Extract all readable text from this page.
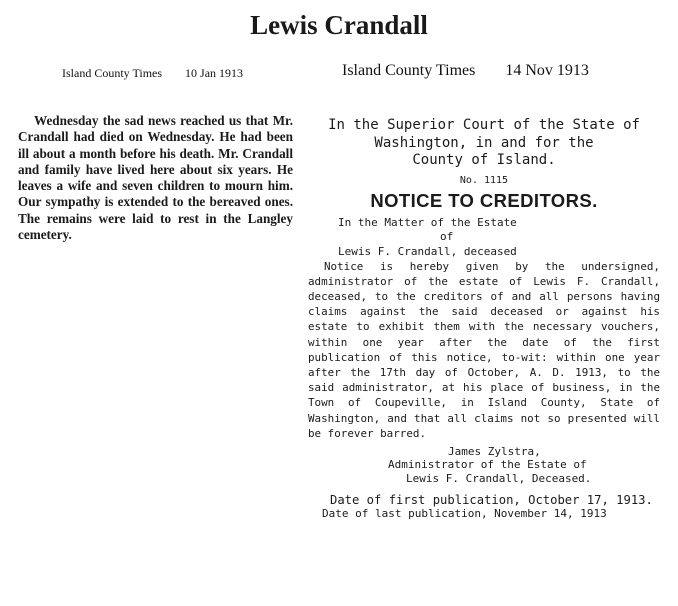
Lewis Crandall
Island County Times 10 Jan 1913	Island County Times 14 Nov 1913

Wednesday the sad news reached us that Mr. Crandall had died on Wednesday. He had been ill about a month before his death. Mr. Crandall and family have lived here about six years. He leaves a wife and seven children to mourn him. Our sympathy is extended to the bereaved ones. The remains were laid to rest in the Langley cemetery.

In the Superior Court of the State of
Washington, in and for the
County of Island.
No. 1115
NOTICE TO CREDITORS.
In the Matter of the Estate
of
Lewis F. Crandall, deceased

Notice is hereby given by the undersigned, administrator of the estate of Lewis F. Crandall, deceased, to the creditors of and all persons having claims against the said deceased or against his estate to exhibit them with the necessary vouchers, within one year after the date of the first publication of this notice, to-wit: within one year after the 17th day of October, A. D. 1913, to the said administrator, at his place of business, in the Town of Coupeville, in Island County, State of Washington, and that all claims not so presented will be forever barred.

James Zylstra,
Administrator of the Estate of
Lewis F. Crandall, Deceased.
Date of first publication, October 17, 1913.
Date of last publication, November 14, 1913
